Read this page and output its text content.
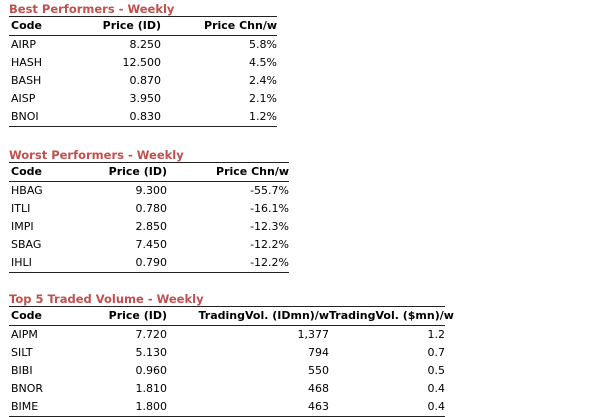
Best Performers - Weekly
Code	Price (ID)	Price Chn/w
AIRP	8.250	5.8%
HASH	12.500	4.5%
BASH	0.870	2.4%
AISP	3.950	2.1%
BNOI	0.830	1.2%
Worst Performers - Weekly
Code	Price (ID)	Price Chn/w
HBAG	9.300	-55.7%
ITLI	0.780	-16.1%
IMPI	2.850	-12.3%
SBAG	7.450	-12.2%
IHLI	0.790	-12.2%
Top 5 Traded Volume - Weekly
Code	Price (ID)	TradingVol. (IDmn)/w	TradingVol. ($mn)/w
AIPM	7.720	1,377	1.2
SILT	5.130	794	0.7
BIBI	0.960	550	0.5
BNOR	1.810	468	0.4
BIME	1.800	463	0.4
